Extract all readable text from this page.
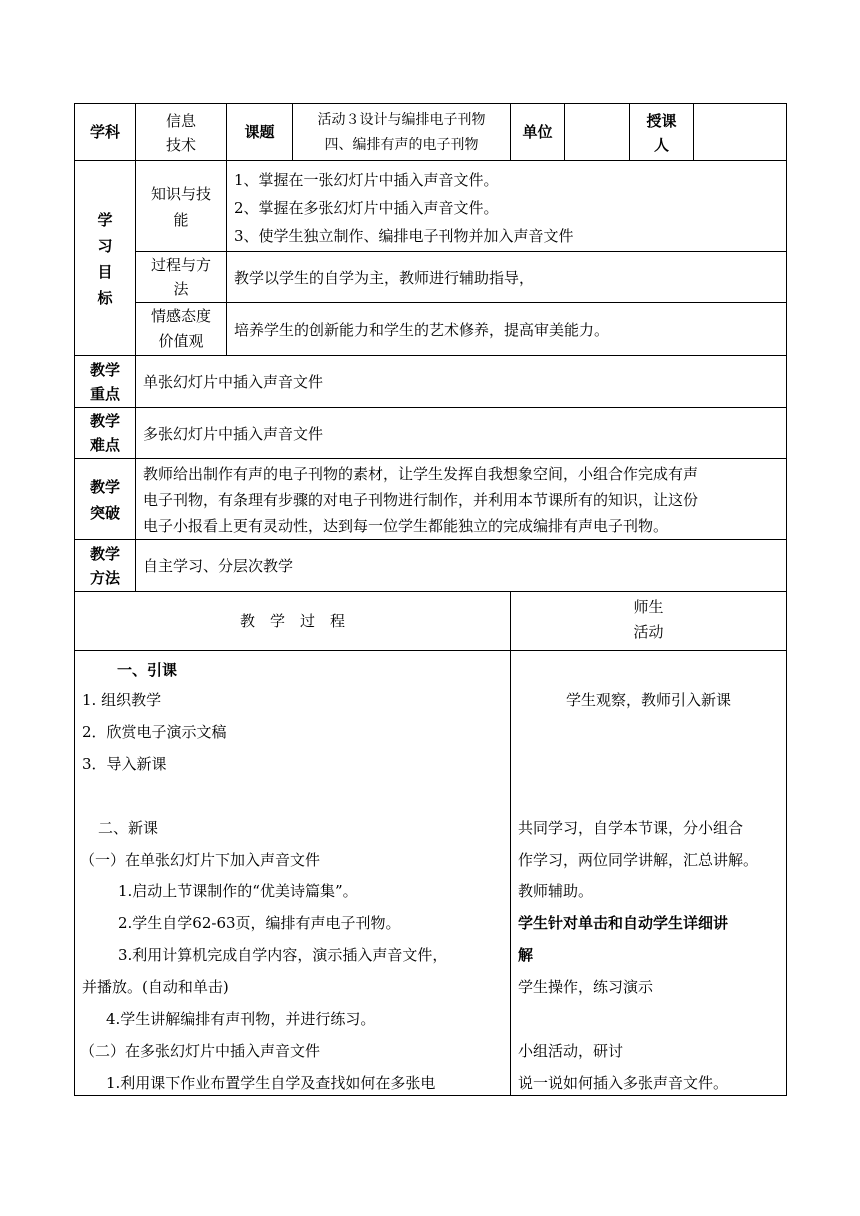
学科
信息
技术
课题
活动３设计与编排电子刊物
四、编排有声的电子刊物
单位
授课
人
学
习
目
标
知识与技
能
1、掌握在一张幻灯片中插入声音文件。
2、掌握在多张幻灯片中插入声音文件。
3、使学生独立制作、编排电子刊物并加入声音文件
过程与方
法
教学以学生的自学为主，教师进行辅助指导，
情感态度
价值观
培养学生的创新能力和学生的艺术修养，提高审美能力。
教学
重点
单张幻灯片中插入声音文件
教学
难点
多张幻灯片中插入声音文件
教学
突破
教师给出制作有声的电子刊物的素材，让学生发挥自我想象空间，小组合作完成有声
电子刊物，有条理有步骤的对电子刊物进行制作，并利用本节课所有的知识，让这份
电子小报看上更有灵动性，达到每一位学生都能独立的完成编排有声电子刊物。
教学
方法
自主学习、分层次教学
教　学　过　程
师生
活动
一、引课
1. 组织教学
2．欣赏电子演示文稿
3．导入新课
二、新课
（一）在单张幻灯片下加入声音文件
1.启动上节课制作的“优美诗篇集”。
2.学生自学62-63页，编排有声电子刊物。
3.利用计算机完成自学内容，演示插入声音文件，
并播放。(自动和单击)
4.学生讲解编排有声刊物，并进行练习。
（二）在多张幻灯片中插入声音文件
1.利用课下作业布置学生自学及查找如何在多张电
学生观察，教师引入新课
共同学习，自学本节课，分小组合
作学习，两位同学讲解，汇总讲解。
教师辅助。
学生针对单击和自动学生详细讲
解
学生操作，练习演示
小组活动，研讨
说一说如何插入多张声音文件。
